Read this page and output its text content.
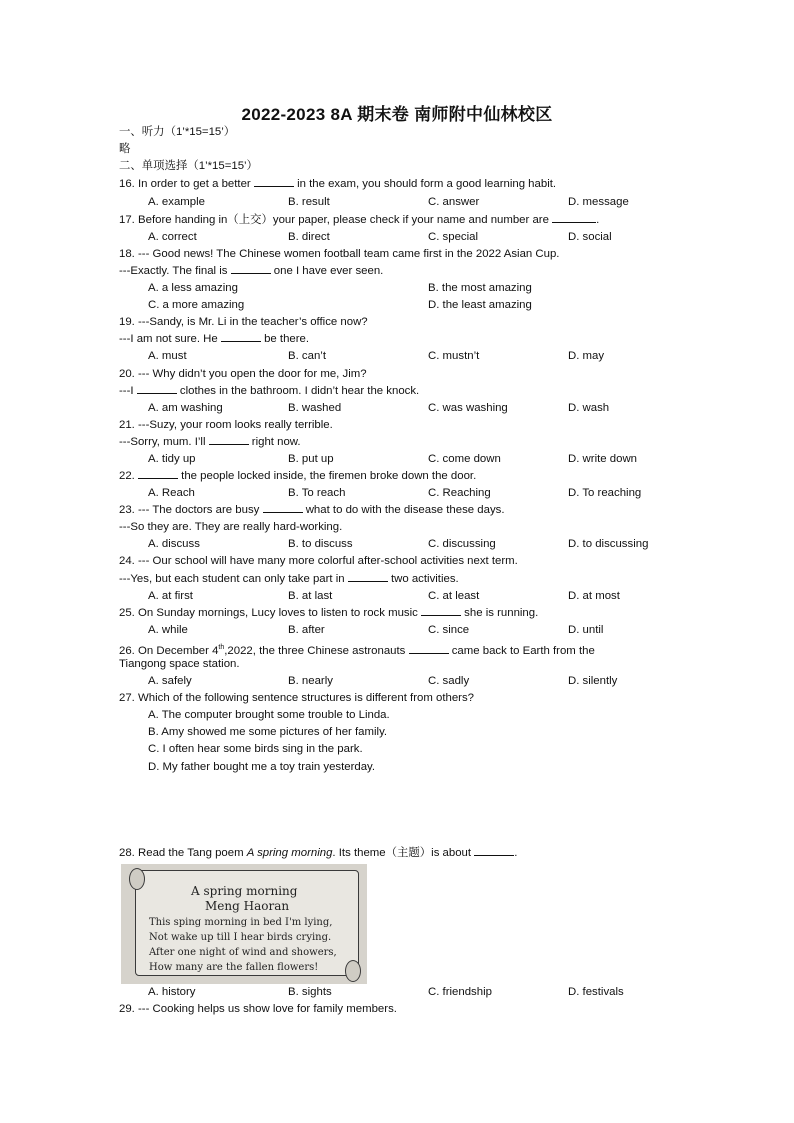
2022-2023 8A 期末卷 南师附中仙林校区
一、听力（1’*15=15’）
略
二、单项选择（1’*15=15’）
16. In order to get a better	in the exam, you should form a good learning habit.
A. example	B. result	C. answer	D. message
17. Before handing in（上交）your paper, please check if your name and number are	.
A. correct	B. direct	C. special	D. social
18. --- Good news! The Chinese women football team came first in the 2022 Asian Cup.
---Exactly. The final is	one I have ever seen.
A. a less amazing	B. the most amazing
C. a more amazing	D. the least amazing
19. ---Sandy, is Mr. Li in the teacher’s office now?
---I am not sure. He	be there.
A. must	B. can’t	C. mustn’t	D. may
20. --- Why didn’t you open the door for me, Jim?
---I	clothes in the bathroom. I didn’t hear the knock.
A. am washing	B. washed	C. was washing	D. wash
21. ---Suzy, your room looks really terrible.
---Sorry, mum. I’ll	right now.
A. tidy up	B. put up	C. come down	D. write down
22.	the people locked inside, the firemen broke down the door.
A. Reach	B. To reach	C. Reaching	D. To reaching
23. --- The doctors are busy	what to do with the disease these days.
---So they are. They are really hard-working.
A. discuss	B. to discuss	C. discussing	D. to discussing
24. --- Our school will have many more colorful after-school activities next term.
---Yes, but each student can only take part in	two activities.
A. at first	B. at last	C. at least	D. at most
25. On Sunday mornings, Lucy loves to listen to rock music	she is running.
A. while	B. after	C. since	D. until
26. On December 4th,2022, the three Chinese astronauts	came back to Earth from the
Tiangong space station.
A. safely	B. nearly	C. sadly	D. silently
27. Which of the following sentence structures is different from others?
A. The computer brought some trouble to Linda.
B. Amy showed me some pictures of her family.
C. I often hear some birds sing in the park.
D. My father bought me a toy train yesterday.
28. Read the Tang poem A spring morning. Its theme（主题）is about	.
A spring morning
Meng Haoran
This sping morning in bed I'm lying,
Not wake up till I hear birds crying.
After one night of wind and showers,
How many are the fallen flowers!
A. history	B. sights	C. friendship	D. festivals
29. --- Cooking helps us show love for family members.
